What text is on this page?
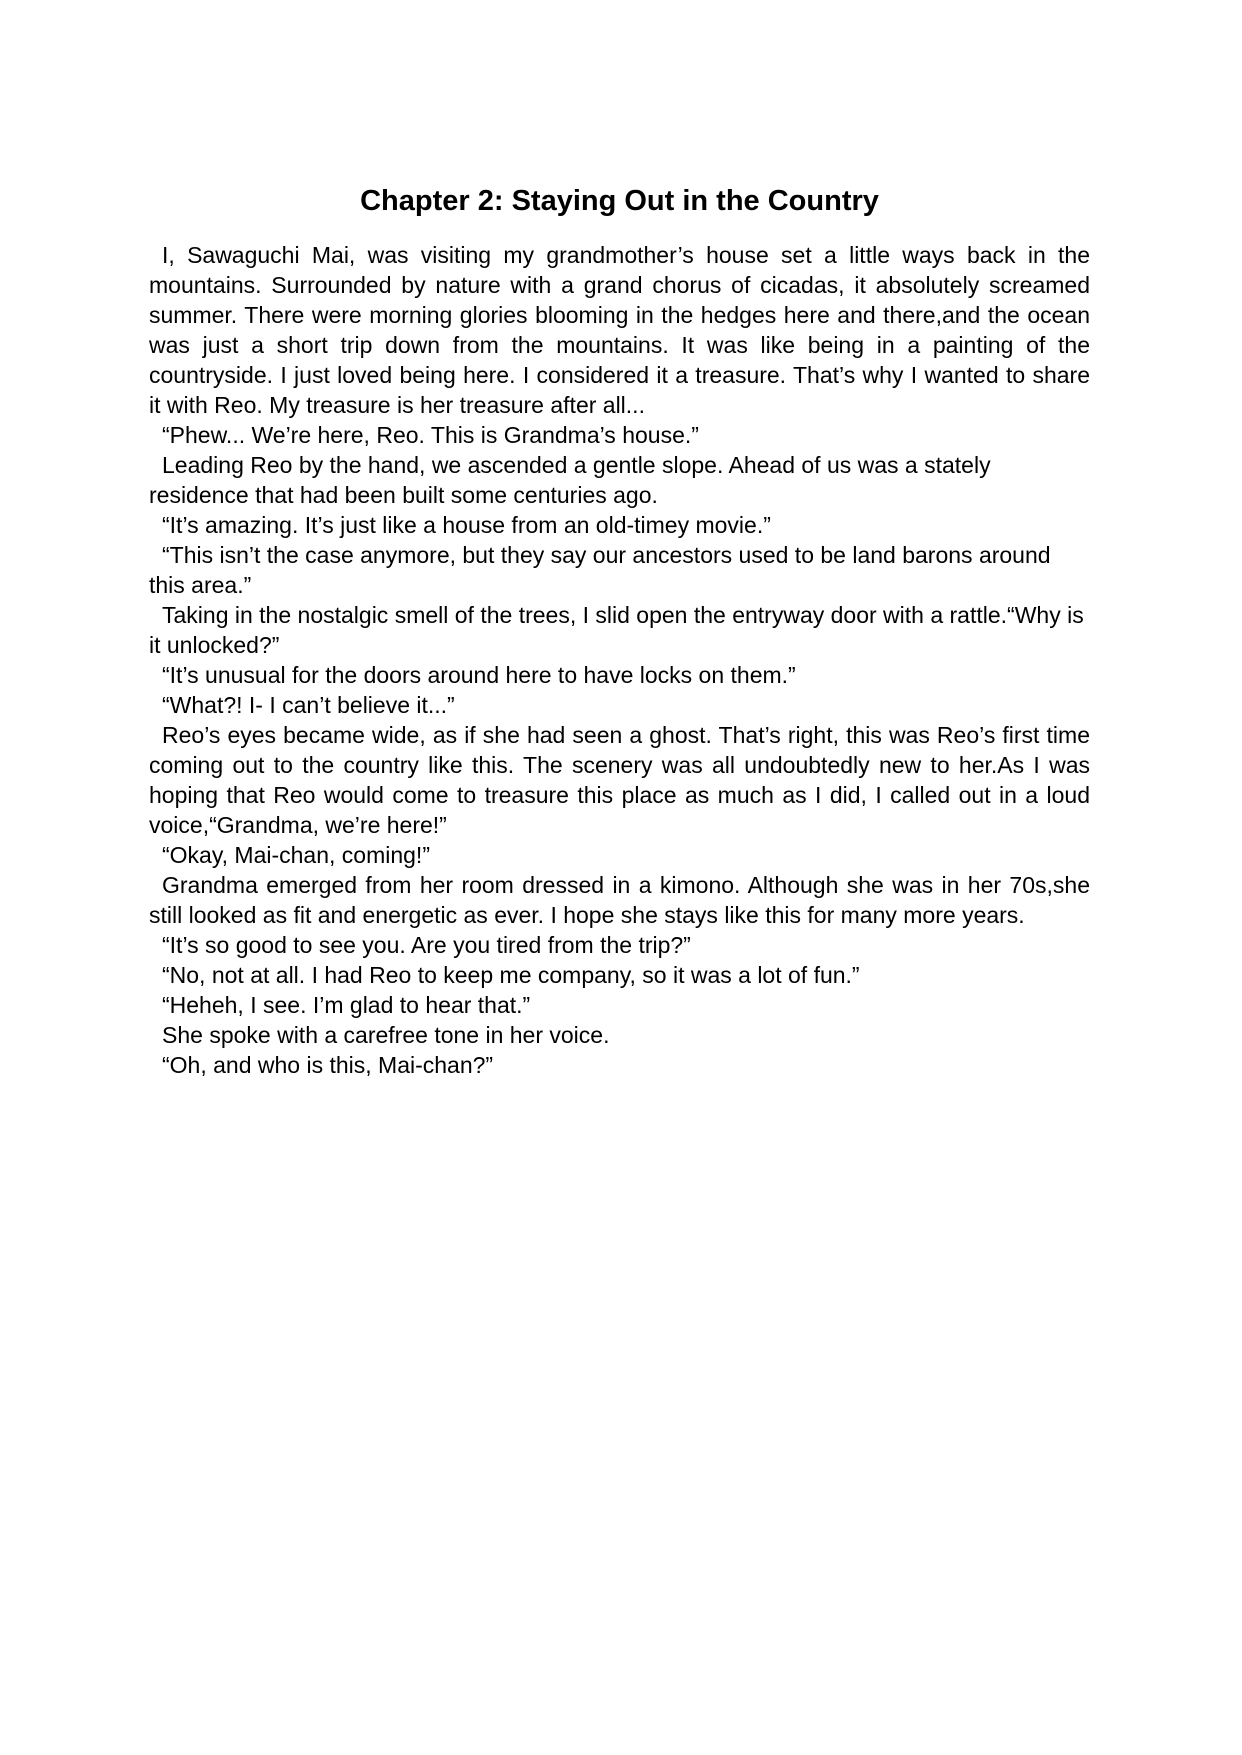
Chapter 2: Staying Out in the Country

I, Sawaguchi Mai, was visiting my grandmother’s house set a little ways back in the mountains. Surrounded by nature with a grand chorus of cicadas, it absolutely screamed summer. There were morning glories blooming in the hedges here and there,and the ocean was just a short trip down from the mountains. It was like being in a painting of the countryside. I just loved being here. I considered it a treasure. That’s why I wanted to share it with Reo. My treasure is her treasure after all...

“Phew... We’re here, Reo. This is Grandma’s house.”

Leading Reo by the hand, we ascended a gentle slope. Ahead of us was a stately residence that had been built some centuries ago.

“It’s amazing. It’s just like a house from an old-timey movie.”

“This isn’t the case anymore, but they say our ancestors used to be land barons around this area.”

Taking in the nostalgic smell of the trees, I slid open the entryway door with a rattle.“Why is it unlocked?”

“It’s unusual for the doors around here to have locks on them.”

“What?! I- I can’t believe it...”

Reo’s eyes became wide, as if she had seen a ghost. That’s right, this was Reo’s first time coming out to the country like this. The scenery was all undoubtedly new to her.As I was hoping that Reo would come to treasure this place as much as I did, I called out in a loud voice,“Grandma, we’re here!”

“Okay, Mai-chan, coming!”

Grandma emerged from her room dressed in a kimono. Although she was in her 70s,she still looked as fit and energetic as ever. I hope she stays like this for many more years.

“It’s so good to see you. Are you tired from the trip?”

“No, not at all. I had Reo to keep me company, so it was a lot of fun.”

“Heheh, I see. I’m glad to hear that.”

She spoke with a carefree tone in her voice.

“Oh, and who is this, Mai-chan?”
